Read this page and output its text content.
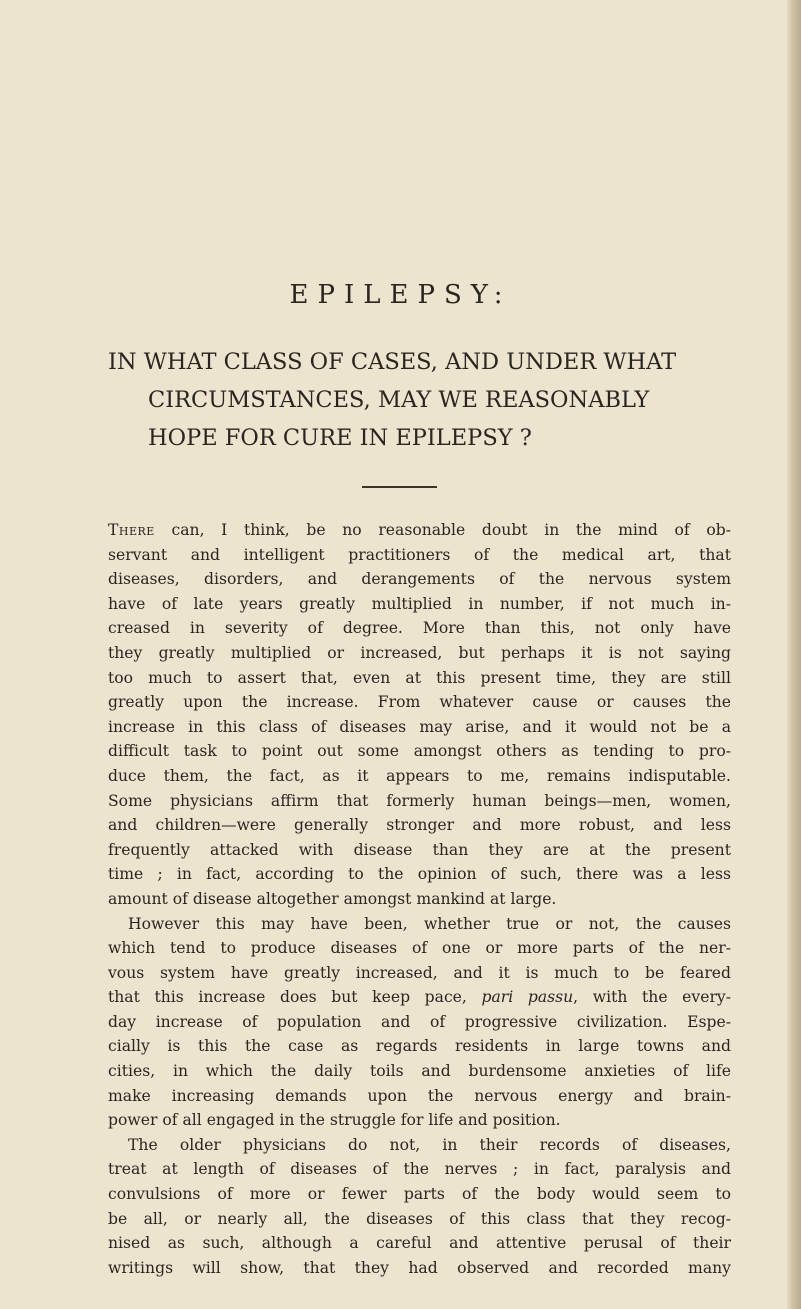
EPILEPSY:
IN WHAT CLASS OF CASES, AND UNDER WHAT
CIRCUMSTANCES, MAY WE REASONABLY
HOPE FOR CURE IN EPILEPSY ?

There can, I think, be no reasonable doubt in the mind of ob-

servant and intelligent practitioners of the medical art, that

diseases, disorders, and derangements of the nervous system

have of late years greatly multiplied in number, if not much in-

creased in severity of degree. More than this, not only have

they greatly multiplied or increased, but perhaps it is not saying

too much to assert that, even at this present time, they are still

greatly upon the increase. From whatever cause or causes the

increase in this class of diseases may arise, and it would not be a

difficult task to point out some amongst others as tending to pro-

duce them, the fact, as it appears to me, remains indisputable.

Some physicians affirm that formerly human beings—men, women,

and children—were generally stronger and more robust, and less

frequently attacked with disease than they are at the present

time ; in fact, according to the opinion of such, there was a less

amount of disease altogether amongst mankind at large.

However this may have been, whether true or not, the causes

which tend to produce diseases of one or more parts of the ner-

vous system have greatly increased, and it is much to be feared

that this increase does but keep pace, pari passu, with the every-

day increase of population and of progressive civilization. Espe-

cially is this the case as regards residents in large towns and

cities, in which the daily toils and burdensome anxieties of life

make increasing demands upon the nervous energy and brain-

power of all engaged in the struggle for life and position.

The older physicians do not, in their records of diseases,

treat at length of diseases of the nerves ; in fact, paralysis and

convulsions of more or fewer parts of the body would seem to

be all, or nearly all, the diseases of this class that they recog-

nised as such, although a careful and attentive perusal of their

writings will show, that they had observed and recorded many
